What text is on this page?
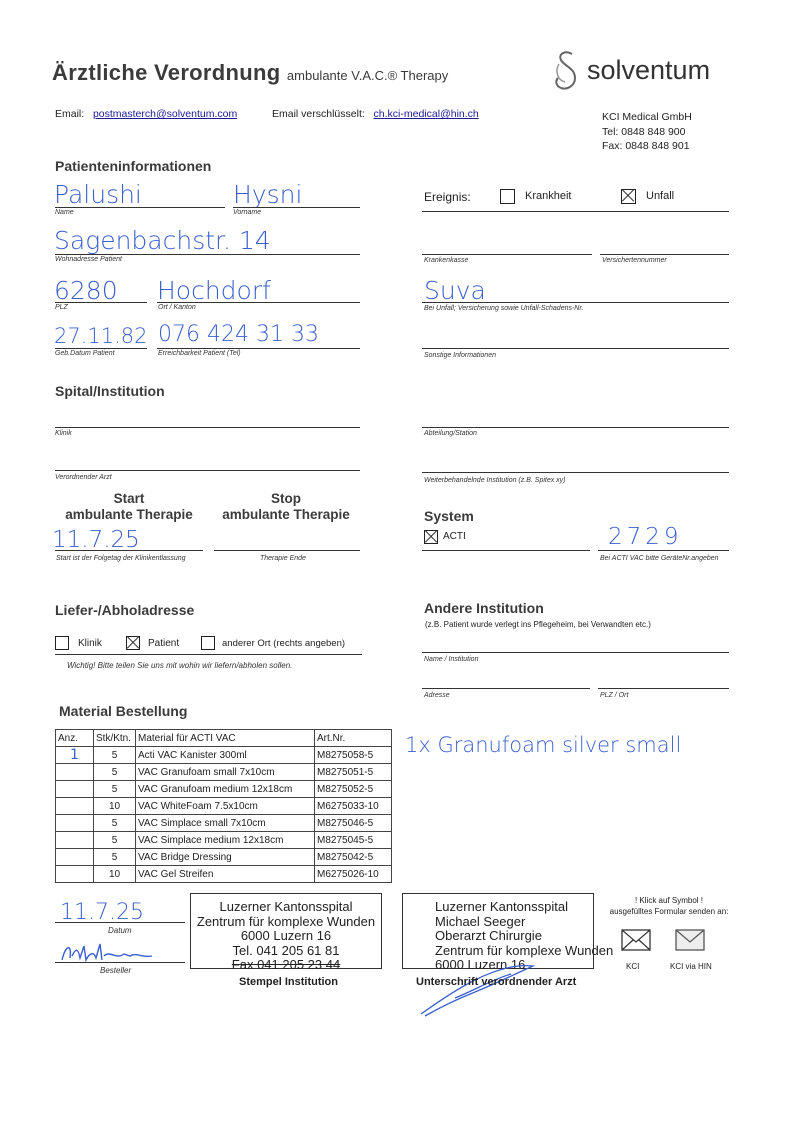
Ärztliche Verordnung ambulante V.A.C.® Therapy	solventum
Email: postmasterch@solventum.com	Email verschlüsselt: ch.kci-medical@hin.ch	KCI Medical GmbH
Tel: 0848 848 900
Fax: 0848 848 901
Patienteninformationen
Palushi
Name
Hysni
Vorname
Sagenbachstr. 14
Wohnadresse Patient
6280
PLZ
Hochdorf
Ort / Kanton
27.11.82
Geb.Datum Patient
076 424 31 33
Erreichbarkeit Patient (Tel)
Ereignis:	Krankheit	Unfall
Krankenkasse	Versichertennummer
Suva
Bei Unfall; Versicherung sowie Unfall-Schadens-Nr.
Sonstige Informationen
Spital/Institution
Klinik	Abteilung/Station
Verordnender Arzt	Weiterbehandelnde Institution (z.B. Spitex xy)
Start
ambulante Therapie
Stop
ambulante Therapie
11.7.25
Start ist der Folgetag der Klinikentlassung	Therapie Ende
System
ACTI	2729
Bei ACTI VAC bitte GeräteNr.angeben
Liefer-/Abholadresse
Klinik	Patient	anderer Ort (rechts angeben)
Wichtig! Bitte teilen Sie uns mit wohin wir liefern/abholen sollen.
Andere Institution
(z.B. Patient wurde verlegt ins Pflegeheim, bei Verwandten etc.)
Name / Institution
Adresse	PLZ / Ort
Material Bestellung
Anz.	Stk/Ktn.	Material für ACTI VAC	Art.Nr.
1	5	Acti VAC Kanister 300ml	M8275058-5
	5	VAC Granufoam small 7x10cm	M8275051-5
	5	VAC Granufoam medium 12x18cm	M8275052-5
	10	VAC WhiteFoam 7.5x10cm	M6275033-10
	5	VAC Simplace small 7x10cm	M8275046-5
	5	VAC Simplace medium 12x18cm	M8275045-5
	5	VAC Bridge Dressing	M8275042-5
	10	VAC Gel Streifen	M6275026-10
1x Granufoam silver small
11.7.25
Datum
Besteller
Luzerner Kantonsspital
Zentrum für komplexe Wunden
6000 Luzern 16
Tel. 041 205 61 81
Fax 041 205 23 44
Stempel Institution
Luzerner Kantonsspital
Michael Seeger
Oberarzt Chirurgie
Zentrum für komplexe Wunden
6000 Luzern 16
Unterschrift verordnender Arzt
! Klick auf Symbol !
ausgefülltes Formular senden an:
KCI	KCI via HIN
